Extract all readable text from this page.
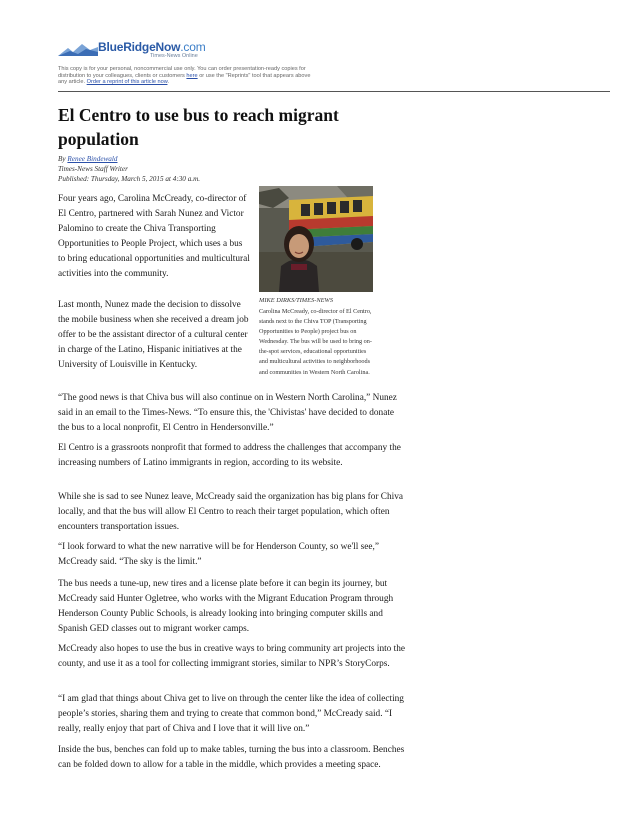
BlueRidgeNow.com
Times-News Online
This copy is for your personal, noncommercial use only. You can order presentation-ready copies for distribution to your colleagues, clients or customers here or use the "Reprints" tool that appears above any article. Order a reprint of this article now.
El Centro to use bus to reach migrant population
By Renee Bindewald
Times-News Staff Writer
Published: Thursday, March 5, 2015 at 4:30 a.m.
MIKE DIRKS/TIMES-NEWS
Carolina McCready, co-director of El Centro, stands next to the Chiva TOP (Transporting Opportunities to People) project bus on Wednesday. The bus will be used to bring on-the-spot services, educational opportunities and multicultural activities to neighborhoods and communities in Western North Carolina.

Four years ago, Carolina McCready, co-director of El Centro, partnered with Sarah Nunez and Victor Palomino to create the Chiva Transporting Opportunities to People Project, which uses a bus to bring educational opportunities and multicultural activities into the community.

Last month, Nunez made the decision to dissolve the mobile business when she received a dream job offer to be the assistant director of a cultural center in charge of the Latino, Hispanic initiatives at the University of Louisville in Kentucky.

“The good news is that Chiva bus will also continue on in Western North Carolina,” Nunez said in an email to the Times-News. “To ensure this, the 'Chivistas' have decided to donate the bus to a local nonprofit, El Centro in Hendersonville.”

El Centro is a grassroots nonprofit that formed to address the challenges that accompany the increasing numbers of Latino immigrants in region, according to its website.

While she is sad to see Nunez leave, McCready said the organization has big plans for Chiva locally, and that the bus will allow El Centro to reach their target population, which often encounters transportation issues.

“I look forward to what the new narrative will be for Henderson County, so we'll see,” McCready said. “The sky is the limit.”

The bus needs a tune-up, new tires and a license plate before it can begin its journey, but McCready said Hunter Ogletree, who works with the Migrant Education Program through Henderson County Public Schools, is already looking into bringing computer skills and Spanish GED classes out to migrant worker camps.

McCready also hopes to use the bus in creative ways to bring community art projects into the county, and use it as a tool for collecting immigrant stories, similar to NPR’s StoryCorps.

“I am glad that things about Chiva get to live on through the center like the idea of collecting people’s stories, sharing them and trying to create that common bond,” McCready said. “I really, really enjoy that part of Chiva and I love that it will live on.”

Inside the bus, benches can fold up to make tables, turning the bus into a classroom. Benches can be folded down to allow for a table in the middle, which provides a meeting space.
